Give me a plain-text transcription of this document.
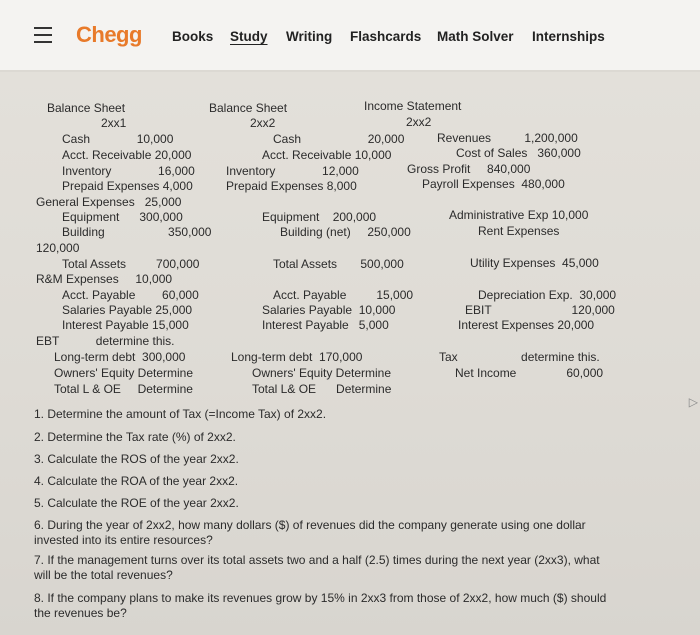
Chegg Books Study Writing Flashcards Math Solver Internships
Balance Sheet
2xx1
Cash              10,000
Acct. Receivable 20,000
Inventory              16,000
Prepaid Expenses 4,000
General Expenses   25,000
Equipment      300,000
Building                   350,000
120,000
Total Assets         700,000
R&M Expenses     10,000
Acct. Payable        60,000
Salaries Payable 25,000
Interest Payable 15,000
EBT           determine this.
Long-term debt  300,000
Owners' Equity Determine
Total L & OE     Determine
Balance Sheet
2xx2
Cash                    20,000
Acct. Receivable 10,000
Inventory              12,000
Prepaid Expenses 8,000
Equipment    200,000
Building (net)     250,000
Total Assets       500,000
Acct. Payable         15,000
Salaries Payable  10,000
Interest Payable   5,000
Long-term debt  170,000
Owners' Equity Determine
Total L& OE      Determine
Income Statement
2xx2
Revenues          1,200,000
Cost of Sales   360,000
Gross Profit     840,000
Payroll Expenses  480,000
Administrative Exp 10,000
Rent Expenses
Utility Expenses  45,000
Depreciation Exp.  30,000
EBIT                        120,000
Interest Expenses 20,000
Tax                   determine this.
Net Income               60,000
1. Determine the amount of Tax (=Income Tax) of 2xx2.
2. Determine the Tax rate (%) of 2xx2.
3. Calculate the ROS of the year 2xx2.
4. Calculate the ROA of the year 2xx2.
5. Calculate the ROE of the year 2xx2.
6. During the year of 2xx2, how many dollars ($) of revenues did the company generate using one dollar
invested into its entire resources?
7. If the management turns over its total assets two and a half (2.5) times during the next year (2xx3), what
will be the total revenues?
8. If the company plans to make its revenues grow by 15% in 2xx3 from those of 2xx2, how much ($) should
the revenues be?
▷
